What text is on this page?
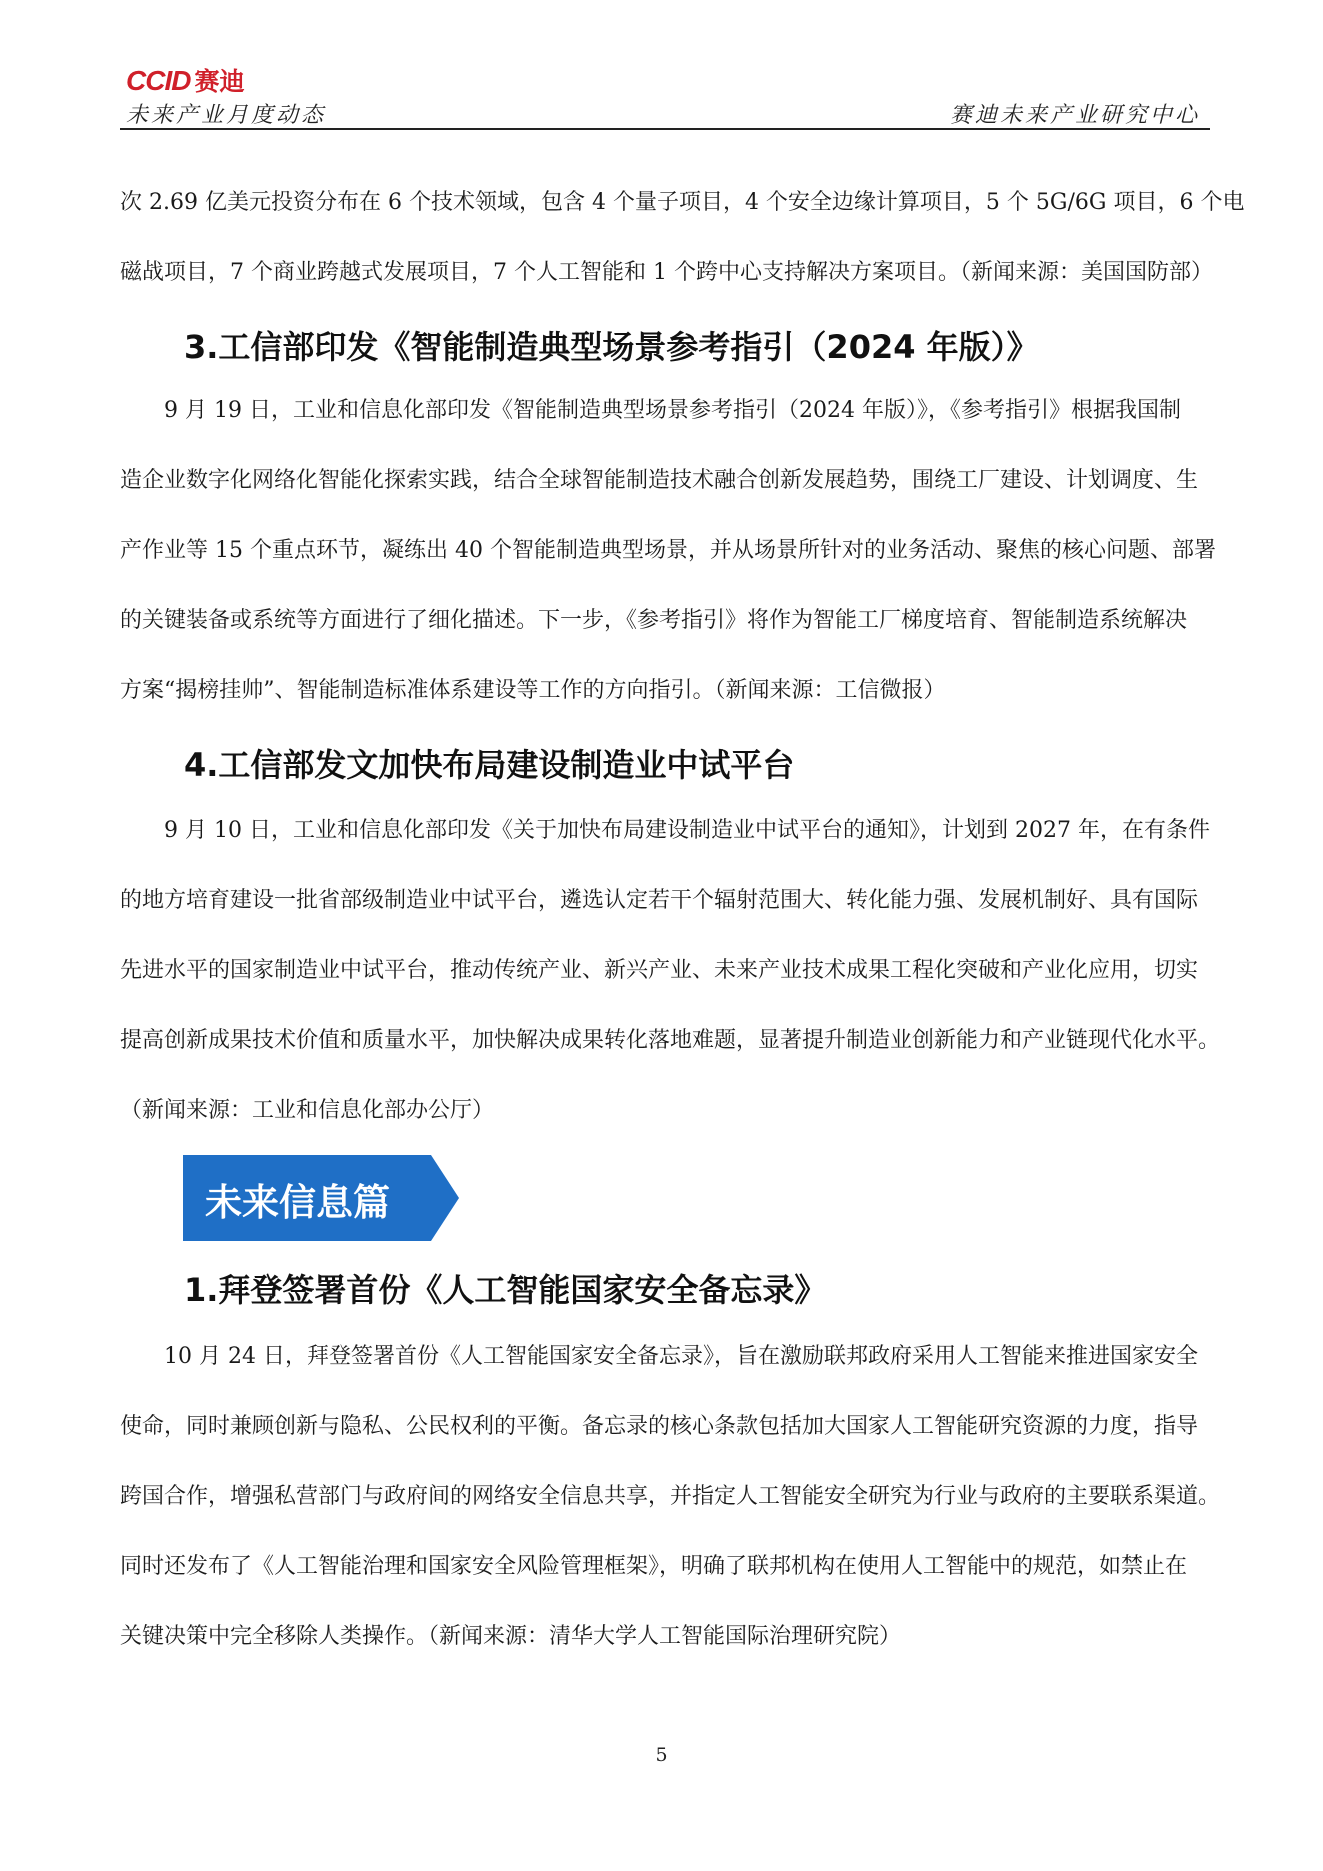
CCID 赛迪
未来产业月度动态	赛迪未来产业研究中心
次 2.69 亿美元投资分布在 6 个技术领域，包含 4 个量子项目，4 个安全边缘计算项目，5 个 5G/6G 项目，6 个电
磁战项目，7 个商业跨越式发展项目，7 个人工智能和 1 个跨中心支持解决方案项目。（新闻来源：美国国防部）
3.工信部印发《智能制造典型场景参考指引（2024 年版）》
9 月 19 日，工业和信息化部印发《智能制造典型场景参考指引（2024 年版）》，《参考指引》根据我国制
造企业数字化网络化智能化探索实践，结合全球智能制造技术融合创新发展趋势，围绕工厂建设、计划调度、生
产作业等 15 个重点环节，凝练出 40 个智能制造典型场景，并从场景所针对的业务活动、聚焦的核心问题、部署
的关键装备或系统等方面进行了细化描述。下一步，《参考指引》将作为智能工厂梯度培育、智能制造系统解决
方案“揭榜挂帅”、智能制造标准体系建设等工作的方向指引。（新闻来源：工信微报）
4.工信部发文加快布局建设制造业中试平台
9 月 10 日，工业和信息化部印发《关于加快布局建设制造业中试平台的通知》，计划到 2027 年，在有条件
的地方培育建设一批省部级制造业中试平台，遴选认定若干个辐射范围大、转化能力强、发展机制好、具有国际
先进水平的国家制造业中试平台，推动传统产业、新兴产业、未来产业技术成果工程化突破和产业化应用，切实
提高创新成果技术价值和质量水平，加快解决成果转化落地难题，显著提升制造业创新能力和产业链现代化水平。
（新闻来源：工业和信息化部办公厅）
未来信息篇
1.拜登签署首份《人工智能国家安全备忘录》
10 月 24 日，拜登签署首份《人工智能国家安全备忘录》，旨在激励联邦政府采用人工智能来推进国家安全
使命，同时兼顾创新与隐私、公民权利的平衡。备忘录的核心条款包括加大国家人工智能研究资源的力度，指导
跨国合作，增强私营部门与政府间的网络安全信息共享，并指定人工智能安全研究为行业与政府的主要联系渠道。
同时还发布了《人工智能治理和国家安全风险管理框架》，明确了联邦机构在使用人工智能中的规范，如禁止在
关键决策中完全移除人类操作。（新闻来源：清华大学人工智能国际治理研究院）
5
